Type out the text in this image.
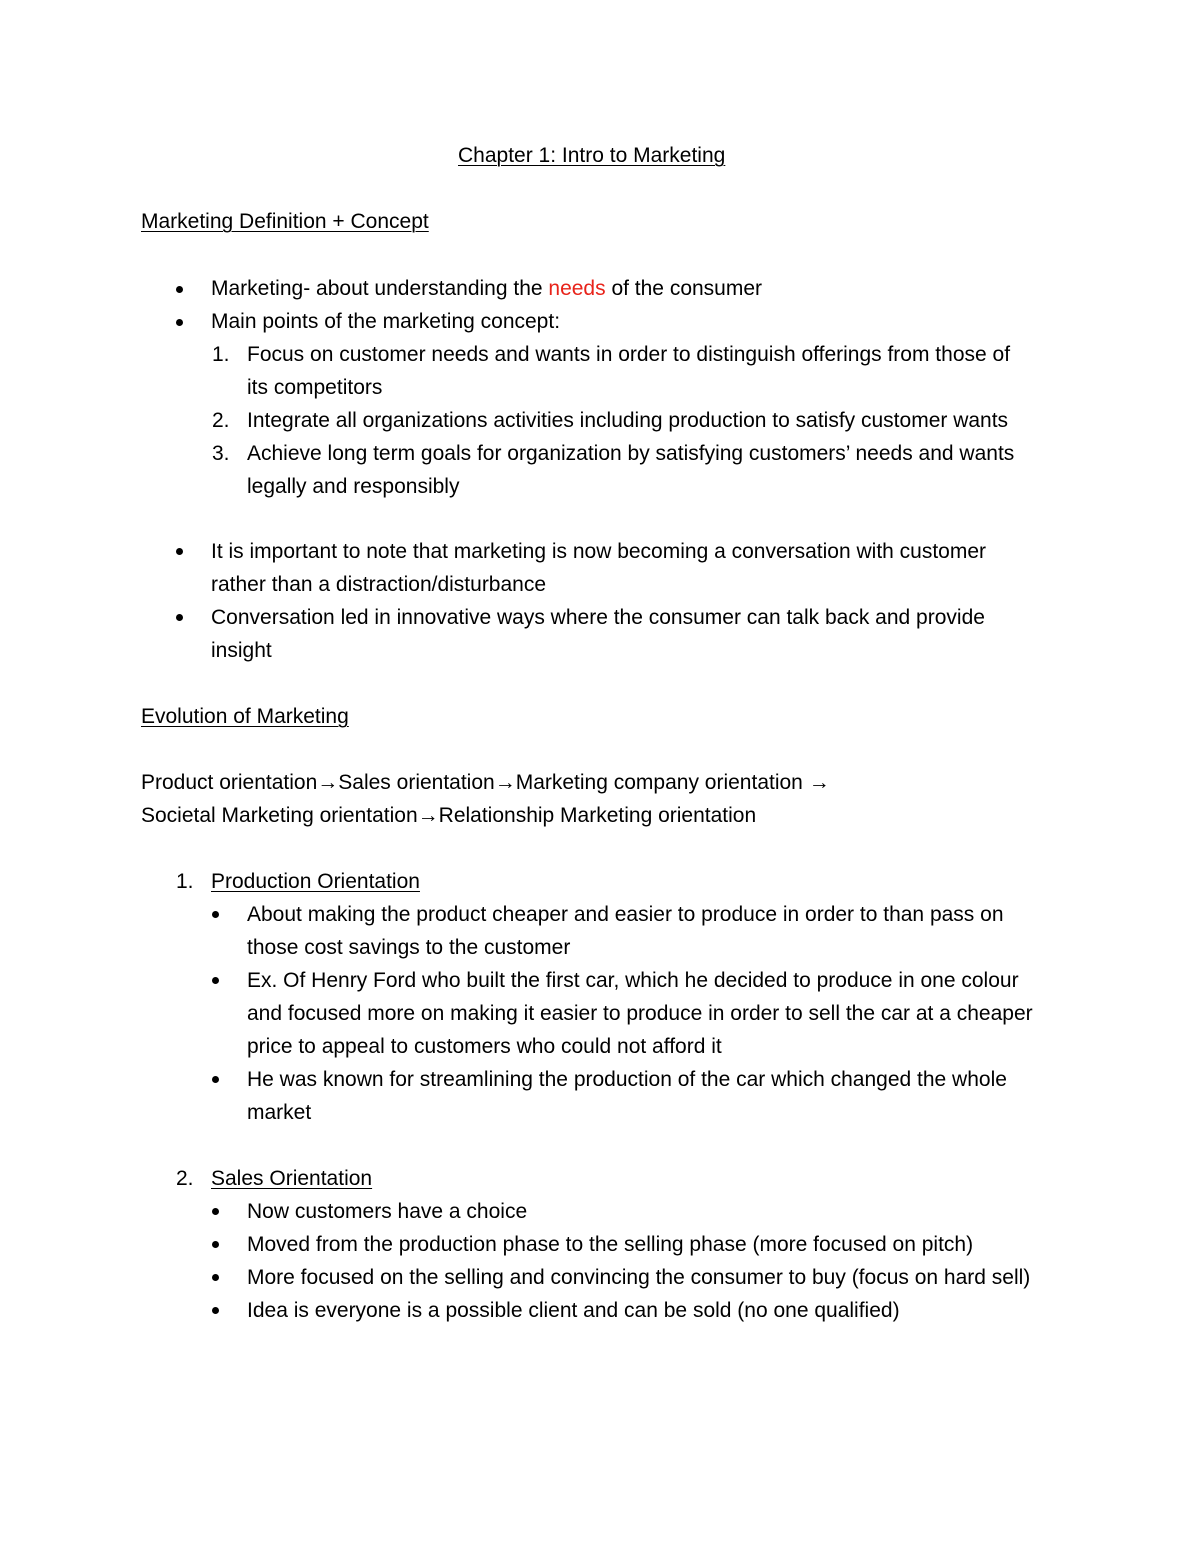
Chapter 1: Intro to Marketing
Marketing Definition + Concept
Marketing- about understanding the needs of the consumer
Main points of the marketing concept:
1. Focus on customer needs and wants in order to distinguish offerings from those of
its competitors
2. Integrate all organizations activities including production to satisfy customer wants
3. Achieve long term goals for organization by satisfying customers’ needs and wants
legally and responsibly
It is important to note that marketing is now becoming a conversation with customer
rather than a distraction/disturbance
Conversation led in innovative ways where the consumer can talk back and provide
insight
Evolution of Marketing
Product orientation→Sales orientation→Marketing company orientation →
Societal Marketing orientation→Relationship Marketing orientation
1. Production Orientation
About making the product cheaper and easier to produce in order to than pass on
those cost savings to the customer
Ex. Of Henry Ford who built the first car, which he decided to produce in one colour
and focused more on making it easier to produce in order to sell the car at a cheaper
price to appeal to customers who could not afford it
He was known for streamlining the production of the car which changed the whole
market
2. Sales Orientation
Now customers have a choice
Moved from the production phase to the selling phase (more focused on pitch)
More focused on the selling and convincing the consumer to buy (focus on hard sell)
Idea is everyone is a possible client and can be sold (no one qualified)
